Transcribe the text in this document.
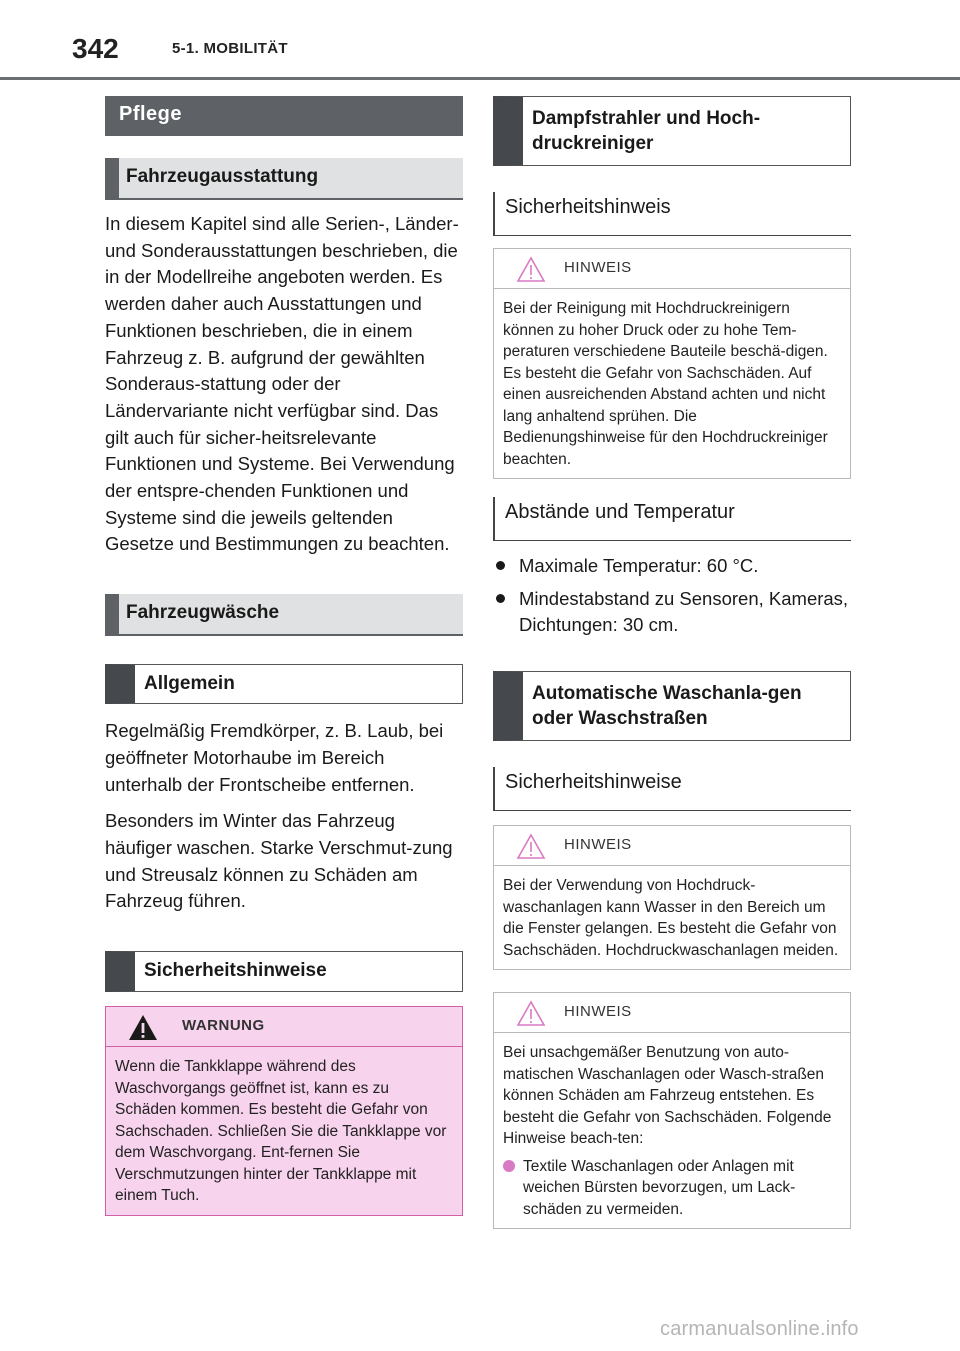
342	5-1. MOBILITÄT
Pflege
Fahrzeugausstattung

In diesem Kapitel sind alle Serien-, Länder- und Sonderausstattungen beschrieben, die in der Modellreihe angeboten werden. Es werden daher auch Ausstattungen und Funktionen beschrieben, die in einem Fahrzeug z. B. aufgrund der gewählten Sonderaus-stattung oder der Ländervariante nicht verfügbar sind. Das gilt auch für sicher-heitsrelevante Funktionen und Systeme. Bei Verwendung der entspre-chenden Funktionen und Systeme sind die jeweils geltenden Gesetze und Bestimmungen zu beachten.

Fahrzeugwäsche
Allgemein

Regelmäßig Fremdkörper, z. B. Laub, bei geöffneter Motorhaube im Bereich unterhalb der Frontscheibe entfernen.

Besonders im Winter das Fahrzeug häufiger waschen. Starke Verschmut-zung und Streusalz können zu Schäden am Fahrzeug führen.

Sicherheitshinweise
WARNUNG
Wenn die Tankklappe während des Waschvorgangs geöffnet ist, kann es zu Schäden kommen. Es besteht die Gefahr von Sachschaden. Schließen Sie die Tankklappe vor dem Waschvorgang. Ent-fernen Sie Verschmutzungen hinter der Tankklappe mit einem Tuch.
Dampfstrahler und Hoch-druckreiniger
Sicherheitshinweis
HINWEIS
Bei der Reinigung mit Hochdruckreinigern können zu hoher Druck oder zu hohe Tem-peraturen verschiedene Bauteile beschä-digen. Es besteht die Gefahr von Sachschäden. Auf einen ausreichenden Abstand achten und nicht lang anhaltend sprühen. Die Bedienungshinweise für den Hochdruckreiniger beachten.
Abstände und Temperatur
Maximale Temperatur: 60 °C.
Mindestabstand zu Sensoren, Kameras, Dichtungen: 30 cm.
Automatische Waschanla-gen oder Waschstraßen
Sicherheitshinweise
HINWEIS
Bei der Verwendung von Hochdruck-waschanlagen kann Wasser in den Bereich um die Fenster gelangen. Es besteht die Gefahr von Sachschäden. Hochdruckwaschanlagen meiden.
HINWEIS
Bei unsachgemäßer Benutzung von auto-matischen Waschanlagen oder Wasch-straßen können Schäden am Fahrzeug entstehen. Es besteht die Gefahr von Sachschäden. Folgende Hinweise beach-ten:
Textile Waschanlagen oder Anlagen mit weichen Bürsten bevorzugen, um Lack-schäden zu vermeiden.
carmanualsonline.info
